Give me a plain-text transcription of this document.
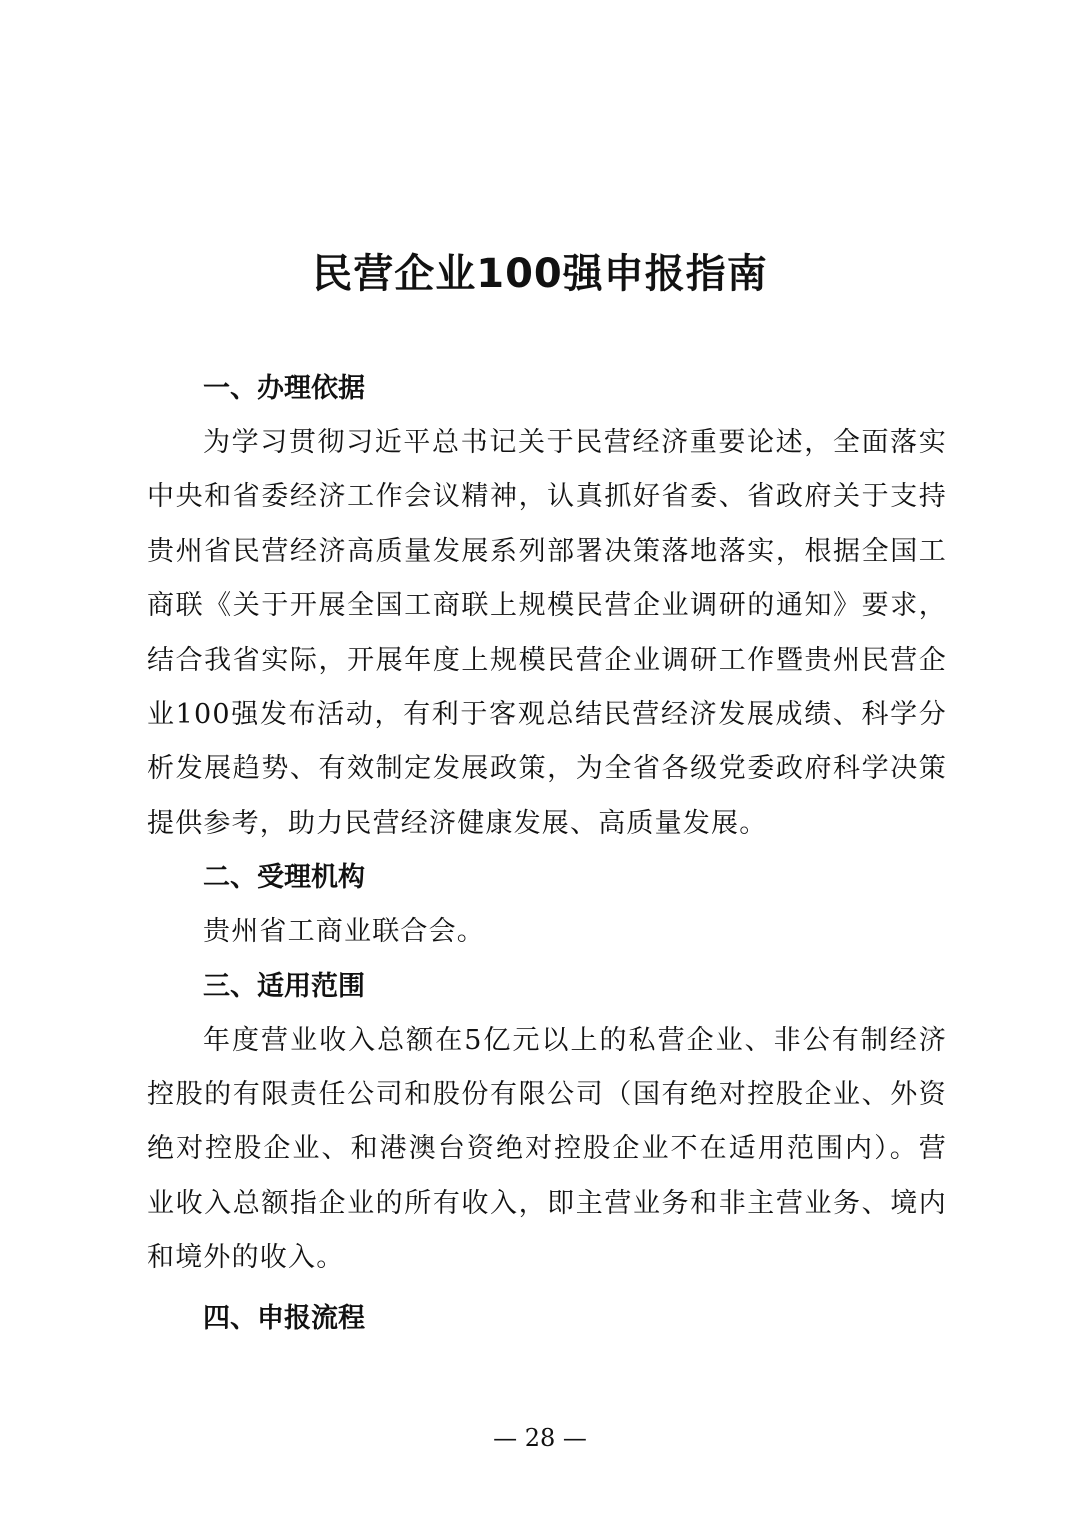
民营企业100强申报指南

一、办理依据

为学习贯彻习近平总书记关于民营经济重要论述，全面落实中央和省委经济工作会议精神，认真抓好省委、省政府关于支持贵州省民营经济高质量发展系列部署决策落地落实，根据全国工商联《关于开展全国工商联上规模民营企业调研的通知》要求，结合我省实际，开展年度上规模民营企业调研工作暨贵州民营企业100强发布活动，有利于客观总结民营经济发展成绩、科学分析发展趋势、有效制定发展政策，为全省各级党委政府科学决策提供参考，助力民营经济健康发展、高质量发展。

二、受理机构

贵州省工商业联合会。

三、适用范围

年度营业收入总额在5亿元以上的私营企业、非公有制经济控股的有限责任公司和股份有限公司（国有绝对控股企业、外资绝对控股企业、和港澳台资绝对控股企业不在适用范围内）。营业收入总额指企业的所有收入，即主营业务和非主营业务、境内和境外的收入。

四、申报流程

— 28 —
